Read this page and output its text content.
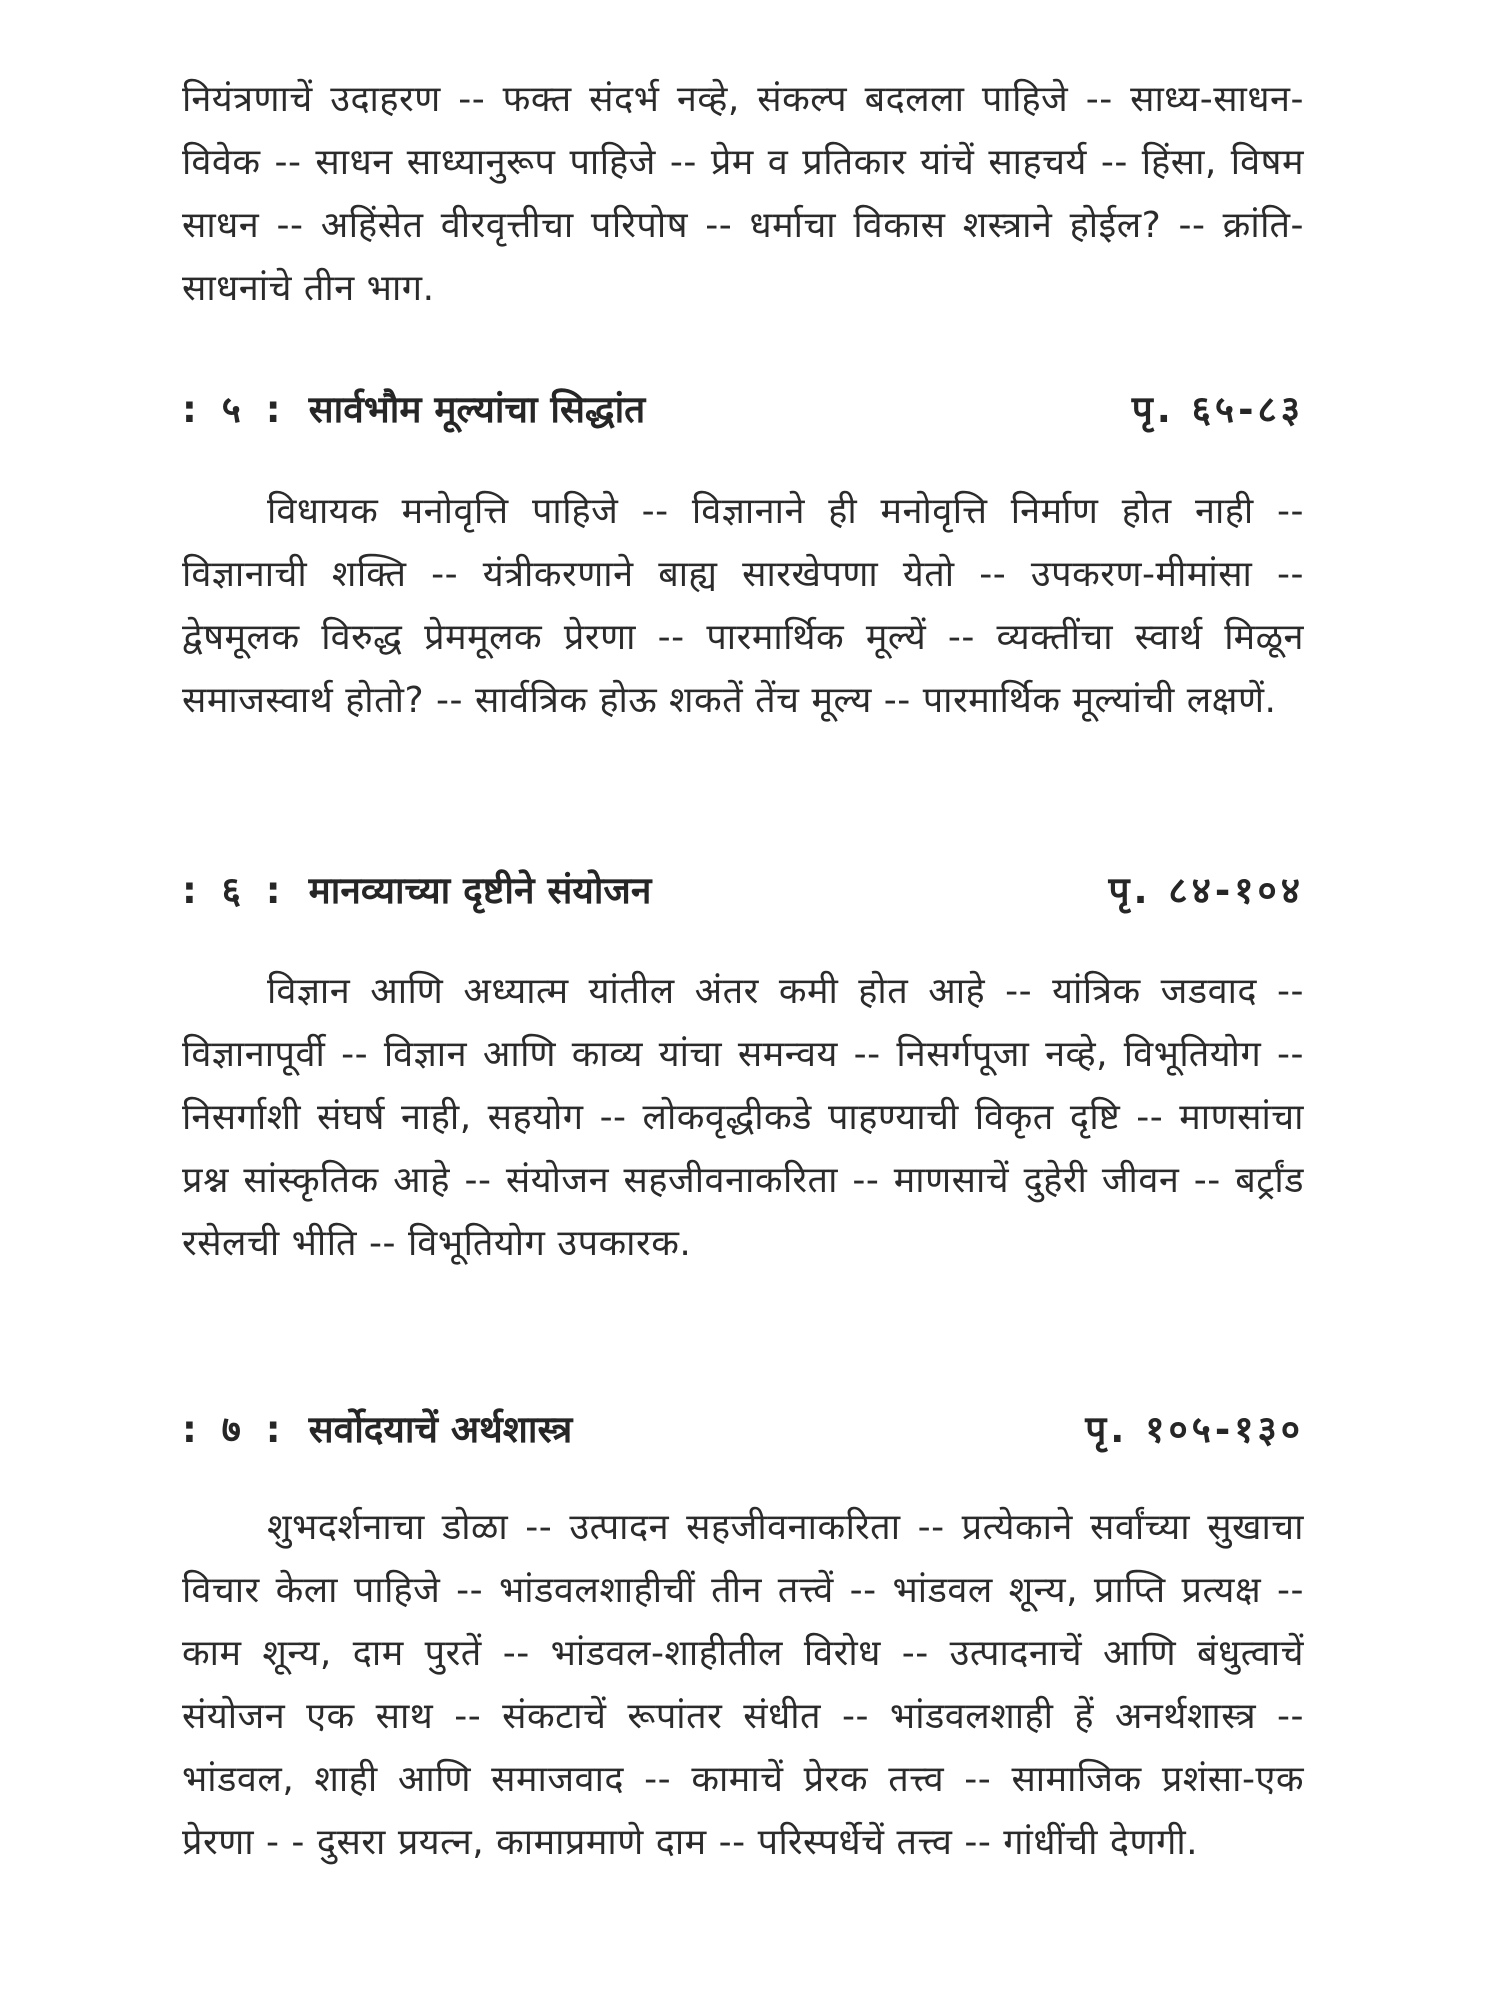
नियंत्रणाचें उदाहरण -- फक्त संदर्भ नव्हे, संकल्प बदलला पाहिजे -- साध्य-साधन-विवेक -- साधन साध्यानुरूप पाहिजे -- प्रेम व प्रतिकार यांचें साहचर्य -- हिंसा, विषम साधन -- अहिंसेत वीरवृत्तीचा परिपोष -- धर्माचा विकास शस्त्राने होईल? -- क्रांति-साधनांचे तीन भाग.

: ५ : सार्वभौम मूल्यांचा सिद्धांत	पृ. ६५-८३

विधायक मनोवृत्ति पाहिजे -- विज्ञानाने ही मनोवृत्ति निर्माण होत नाही -- विज्ञानाची शक्ति -- यंत्रीकरणाने बाह्य सारखेपणा येतो -- उपकरण-मीमांसा -- द्वेषमूलक विरुद्ध प्रेममूलक प्रेरणा -- पारमार्थिक मूल्यें -- व्यक्तींचा स्वार्थ मिळून समाजस्वार्थ होतो? -- सार्वत्रिक होऊ शकतें तेंच मूल्य -- पारमार्थिक मूल्यांची लक्षणें.

: ६ : मानव्याच्या दृष्टीने संयोजन	पृ. ८४-१०४

विज्ञान आणि अध्यात्म यांतील अंतर कमी होत आहे -- यांत्रिक जडवाद -- विज्ञानापूर्वी -- विज्ञान आणि काव्य यांचा समन्वय -- निसर्गपूजा नव्हे, विभूतियोग -- निसर्गाशी संघर्ष नाही, सहयोग -- लोकवृद्धीकडे पाहण्याची विकृत दृष्टि -- माणसांचा प्रश्न सांस्कृतिक आहे -- संयोजन सहजीवनाकरिता -- माणसाचें दुहेरी जीवन -- बर्ट्रांड रसेलची भीति -- विभूतियोग उपकारक.

: ७ : सर्वोदयाचें अर्थशास्त्र	पृ. १०५-१३०

शुभदर्शनाचा डोळा -- उत्पादन सहजीवनाकरिता -- प्रत्येकाने सर्वांच्या सुखाचा विचार केला पाहिजे -- भांडवलशाहीचीं तीन तत्त्वें -- भांडवल शून्य, प्राप्ति प्रत्यक्ष -- काम शून्य, दाम पुरतें -- भांडवल-शाहीतील विरोध -- उत्पादनाचें आणि बंधुत्वाचें संयोजन एक साथ -- संकटाचें रूपांतर संधीत -- भांडवलशाही हें अनर्थशास्त्र -- भांडवल, शाही आणि समाजवाद -- कामाचें प्रेरक तत्त्व -- सामाजिक प्रशंसा-एक प्रेरणा - - दुसरा प्रयत्न, कामाप्रमाणे दाम -- परिस्पर्धेचें तत्त्व -- गांधींची देणगी.
